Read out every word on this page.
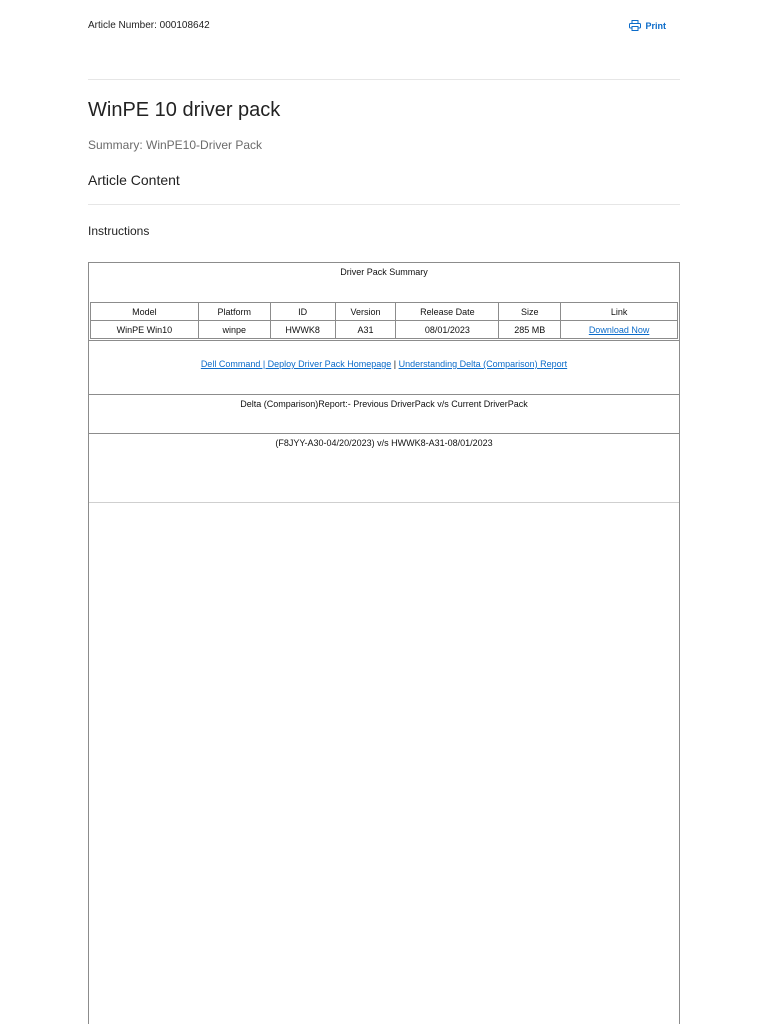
Article Number: 000108642	Print
WinPE 10 driver pack
Summary: WinPE10-Driver Pack
Article Content
Instructions
Driver Pack Summary
Model	Platform	ID	Version	Release Date	Size	Link
WinPE Win10	winpe	HWWK8	A31	08/01/2023	285 MB	Download Now
Dell Command | Deploy Driver Pack Homepage | Understanding Delta (Comparison) Report
Delta (Comparison)Report:- Previous DriverPack v/s Current DriverPack
(F8JYY-A30-04/20/2023) v/s HWWK8-A31-08/01/2023
